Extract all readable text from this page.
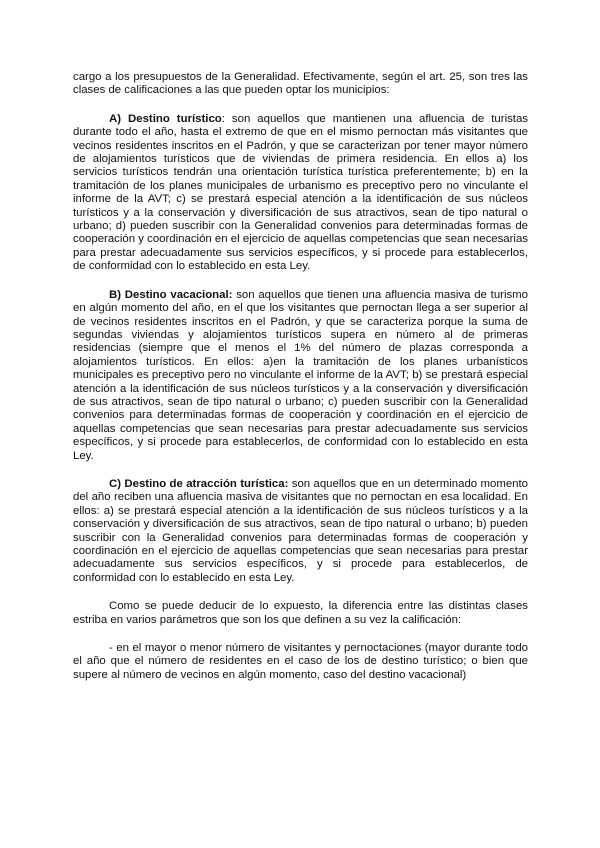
cargo a los presupuestos de la Generalidad. Efectivamente, según el art. 25, son tres las clases de calificaciones a las que pueden optar los municipios:

A) Destino turístico: son aquellos que mantienen una afluencia de turistas durante todo el año, hasta el extremo de que en el mismo pernoctan más visitantes que vecinos residentes inscritos en el Padrón, y que se caracterizan por tener mayor número de alojamientos turísticos que de viviendas de primera residencia. En ellos a) los servicios turísticos tendrán una orientación turística turística preferentemente; b) en la tramitación de los planes municipales de urbanismo es preceptivo pero no vinculante el informe de la AVT; c) se prestará especial atención a la identificación de sus núcleos turísticos y a la conservación y diversificación de sus atractivos, sean de tipo natural o urbano; d) pueden suscribir con la Generalidad convenios para determinadas formas de cooperación y coordinación en el ejercicio de aquellas competencias que sean necesarias para prestar adecuadamente sus servicios específicos, y si procede para establecerlos, de conformidad con lo establecido en esta Ley.

B) Destino vacacional: son aquellos que tienen una afluencia masiva de turismo en algún momento del año, en el que los visitantes que pernoctan llega a ser superior al de vecinos residentes inscritos en el Padrón, y que se caracteriza porque la suma de segundas viviendas y alojamientos turísticos supera en número al de primeras residencias (siempre que el menos el 1% del número de plazas corresponda a alojamientos turísticos. En ellos: a)en la tramitación de los planes urbanísticos municipales es preceptivo pero no vinculante el informe de la AVT; b) se prestará especial atención a la identificación de sus núcleos turísticos y a la conservación y diversificación de sus atractivos, sean de tipo natural o urbano; c) pueden suscribir con la Generalidad convenios para determinadas formas de cooperación y coordinación en el ejercicio de aquellas competencias que sean necesarias para prestar adecuadamente sus servicios específicos, y si procede para establecerlos, de conformidad con lo establecido en esta Ley.

C) Destino de atracción turística: son aquellos que en un determinado momento del año reciben una afluencia masiva de visitantes que no pernoctan en esa localidad. En ellos: a) se prestará especial atención a la identificación de sus núcleos turísticos y a la conservación y diversificación de sus atractivos, sean de tipo natural o urbano; b) pueden suscribir con la Generalidad convenios para determinadas formas de cooperación y coordinación en el ejercicio de aquellas competencias que sean necesarias para prestar adecuadamente sus servicios específicos, y si procede para establecerlos, de conformidad con lo establecido en esta Ley.

Como se puede deducir de lo expuesto, la diferencia entre las distintas clases estriba en varios parámetros que son los que definen a su vez la calificación:

- en el mayor o menor número de visitantes y pernoctaciones (mayor durante todo el año que el número de residentes en el caso de los de destino turístico; o bien que supere al número de vecinos en algún momento, caso del destino vacacional)
